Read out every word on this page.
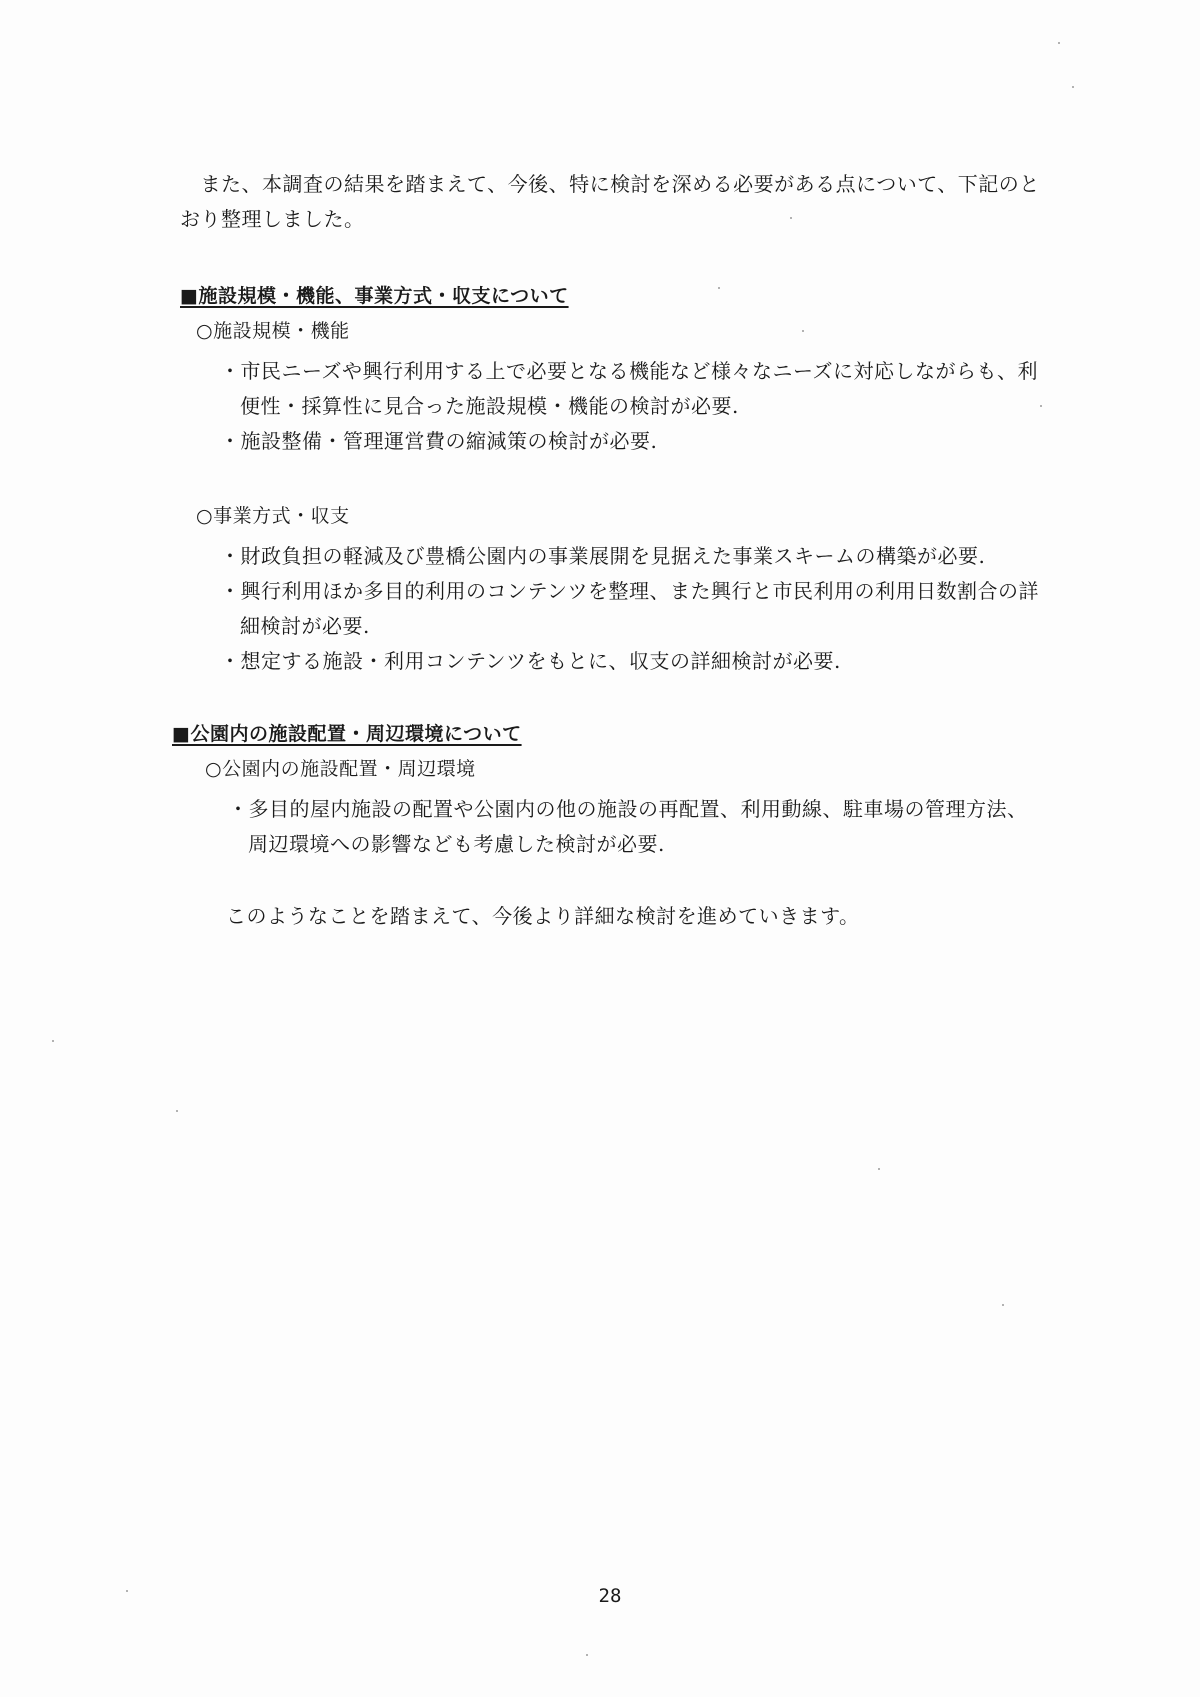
　また、本調査の結果を踏まえて、今後、特に検討を深める必要がある点について、下記のと
おり整理しました。
■施設規模・機能、事業方式・収支について
○施設規模・機能
・市民ニーズや興行利用する上で必要となる機能など様々なニーズに対応しながらも、利
便性・採算性に見合った施設規模・機能の検討が必要.
・施設整備・管理運営費の縮減策の検討が必要.
○事業方式・収支
・財政負担の軽減及び豊橋公園内の事業展開を見据えた事業スキームの構築が必要.
・興行利用ほか多目的利用のコンテンツを整理、また興行と市民利用の利用日数割合の詳
細検討が必要.
・想定する施設・利用コンテンツをもとに、収支の詳細検討が必要.
■公園内の施設配置・周辺環境について
○公園内の施設配置・周辺環境
・多目的屋内施設の配置や公園内の他の施設の再配置、利用動線、駐車場の管理方法、
周辺環境への影響なども考慮した検討が必要.
このようなことを踏まえて、今後より詳細な検討を進めていきます。
28
